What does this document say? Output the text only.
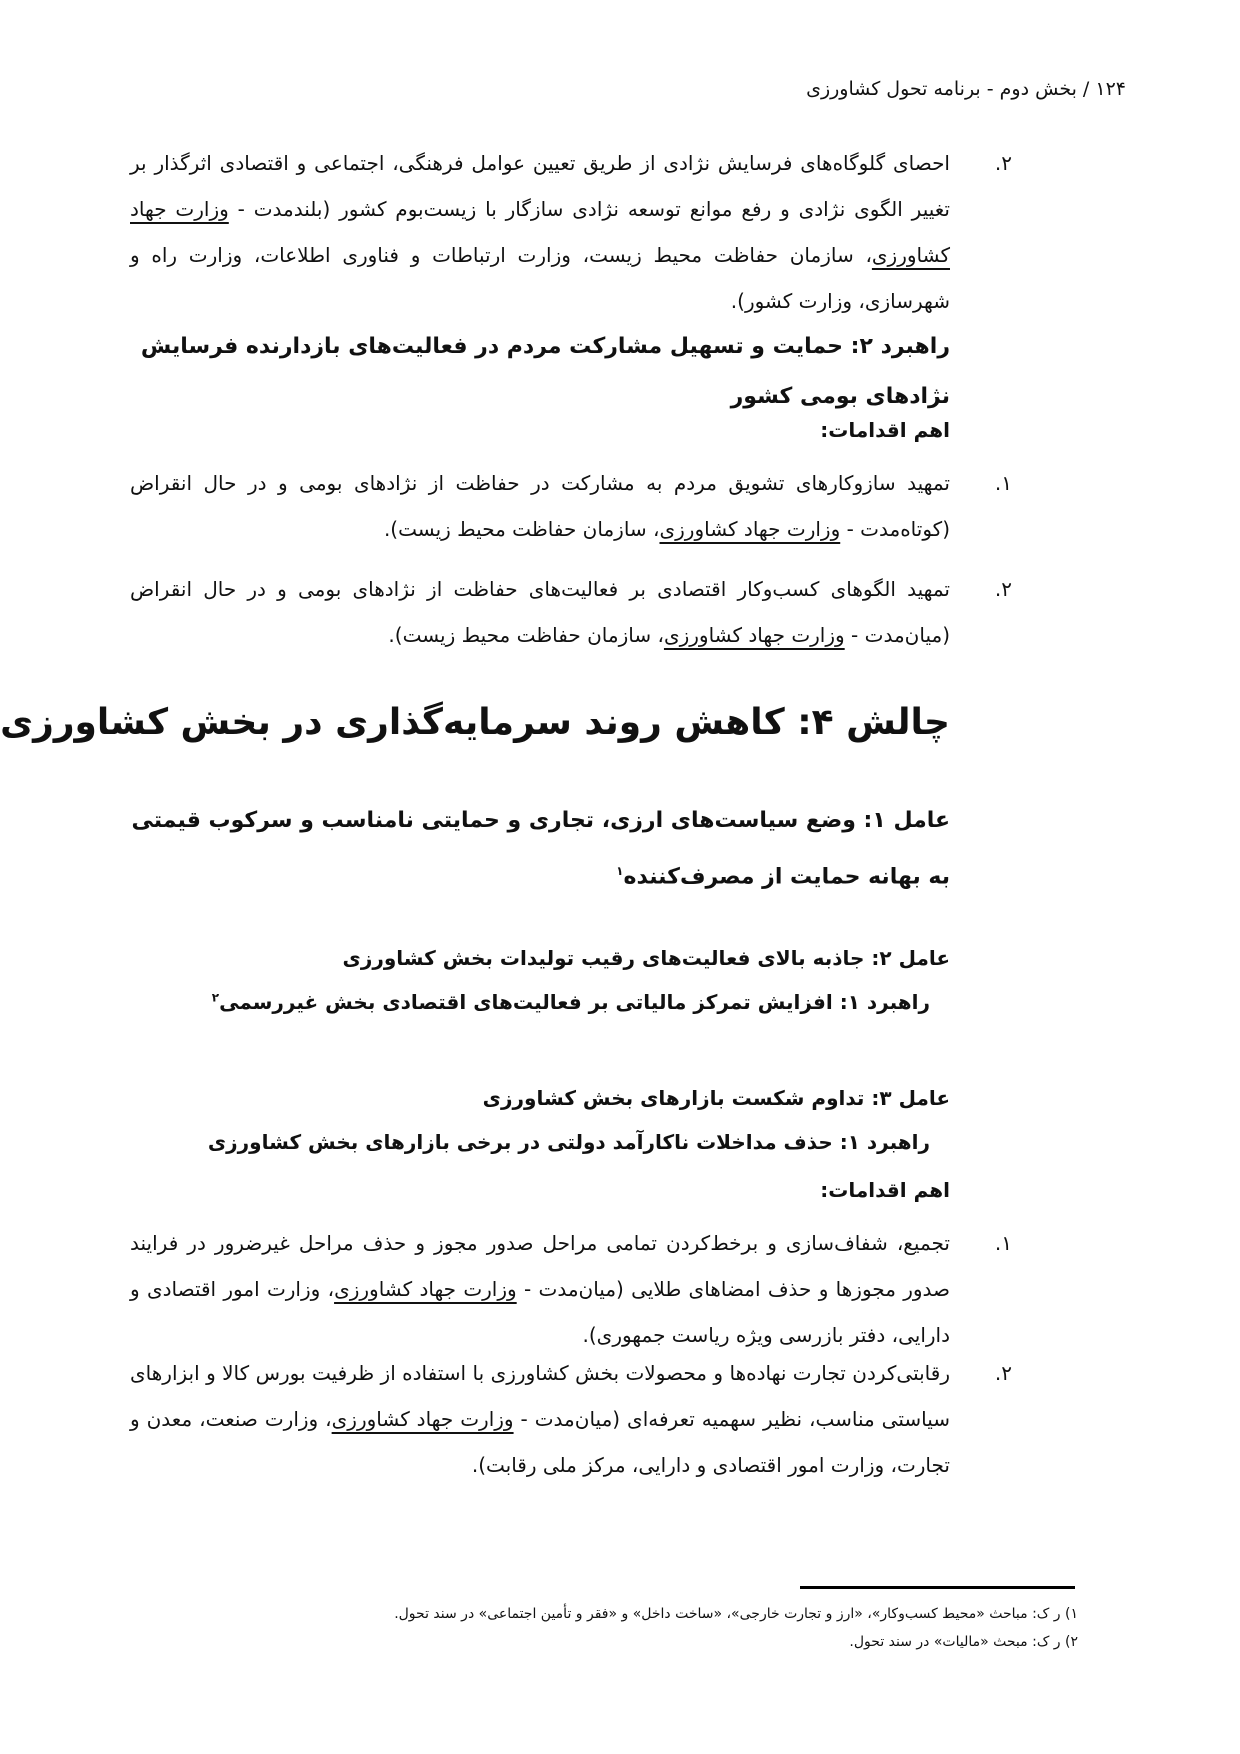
۱۲۴ / بخش دوم - برنامه تحول کشاورزی
۲.
احصای گلوگاه‌های فرسایش نژادی از طریق تعیین عوامل فرهنگی، اجتماعی و اقتصادی اثرگذار بر تغییر الگوی نژادی و رفع موانع توسعه نژادی سازگار با زیست‌بوم کشور (بلندمدت - وزارت جهاد کشاورزی، سازمان حفاظت محیط زیست، وزارت ارتباطات و فناوری اطلاعات، وزارت راه و شهرسازی، وزارت کشور).
راهبرد ۲: حمایت و تسهیل مشارکت مردم در فعالیت‌های بازدارنده فرسایش نژادهای بومی کشور
اهم اقدامات:
۱.
تمهید سازوکارهای تشویق مردم به مشارکت در حفاظت از نژادهای بومی و در حال انقراض (کوتاه‌مدت - وزارت جهاد کشاورزی، سازمان حفاظت محیط زیست).
۲.
تمهید الگوهای کسب‌وکار اقتصادی بر فعالیت‌های حفاظت از نژادهای بومی و در حال انقراض (میان‌مدت - وزارت جهاد کشاورزی، سازمان حفاظت محیط زیست).
چالش ۴: کاهش روند سرمایه‌گذاری در بخش کشاورزی
عامل ۱: وضع سیاست‌های ارزی، تجاری و حمایتی نامناسب و سرکوب قیمتی به بهانه حمایت از مصرف‌کننده$^۱$
عامل ۲: جاذبه بالای فعالیت‌های رقیب تولیدات بخش کشاورزی
راهبرد ۱: افزایش تمرکز مالیاتی بر فعالیت‌های اقتصادی بخش غیررسمی$^۲$
عامل ۳: تداوم شکست بازارهای بخش کشاورزی
راهبرد ۱: حذف مداخلات ناکارآمد دولتی در برخی بازارهای بخش کشاورزی
اهم اقدامات:
۱.
تجمیع، شفاف‌سازی و برخط‌کردن تمامی مراحل صدور مجوز و حذف مراحل غیرضرور در فرایند صدور مجوزها و حذف امضاهای طلایی (میان‌مدت - وزارت جهاد کشاورزی، وزارت امور اقتصادی و دارایی، دفتر بازرسی ویژه ریاست جمهوری).
۲.
رقابتی‌کردن تجارت نهاده‌ها و محصولات بخش کشاورزی با استفاده از ظرفیت بورس کالا و ابزارهای سیاستی مناسب، نظیر سهمیه تعرفه‌ای (میان‌مدت - وزارت جهاد کشاورزی، وزارت صنعت، معدن و تجارت، وزارت امور اقتصادی و دارایی، مرکز ملی رقابت).
۱) ر ک: مباحث «محیط کسب‌وکار»، «ارز و تجارت خارجی»، «ساخت داخل» و «فقر و تأمین اجتماعی» در سند تحول.
۲) ر ک: مبحث «مالیات» در سند تحول.
